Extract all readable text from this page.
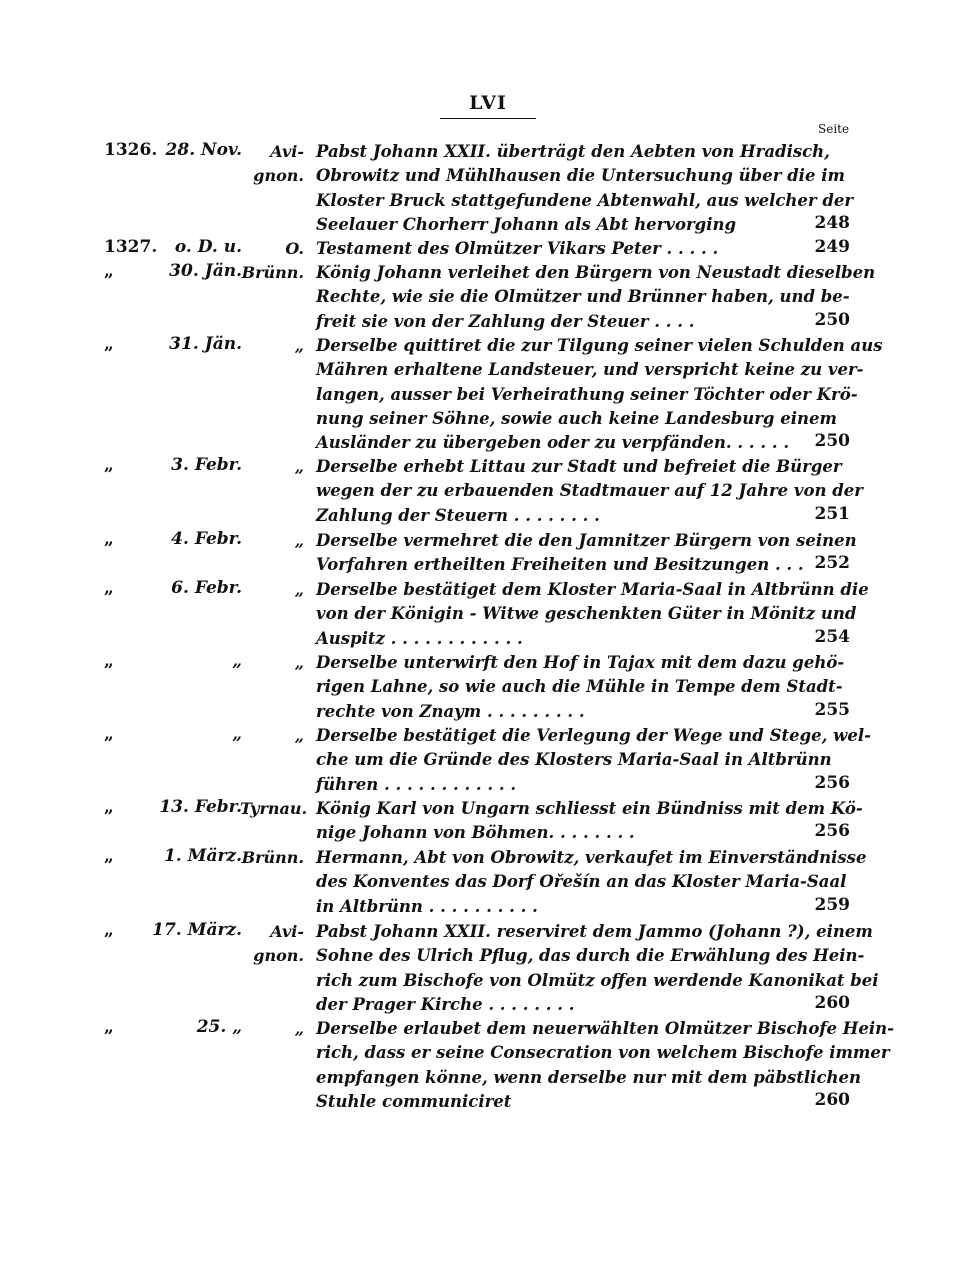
LVI
Seite
1326. 28. Nov.	Avi-
gnon.
Pabst Johann XXII. überträgt den Aebten von Hradisch,
Obrowitz und Mühlhausen die Untersuchung über die im
Kloster Bruck stattgefundene Abtenwahl, aus welcher der
Seelauer Chorherr Johann als Abt hervorging	248
1327.	o. D. u.	O. Testament des Olmützer Vikars Peter . . . . .	249
„	30. Jän. Brünn. König Johann verleihet den Bürgern von Neustadt dieselben
Rechte, wie sie die Olmützer und Brünner haben, und be-
freit sie von der Zahlung der Steuer . . . .	250
„	31. Jän.	„ Derselbe quittiret die zur Tilgung seiner vielen Schulden aus
Mähren erhaltene Landsteuer, und verspricht keine zu ver-
langen, ausser bei Verheirathung seiner Töchter oder Krö-
nung seiner Söhne, sowie auch keine Landesburg einem
Ausländer zu übergeben oder zu verpfänden. . . . . .	250
„	3. Febr.	„ Derselbe erhebt Littau zur Stadt und befreiet die Bürger
wegen der zu erbauenden Stadtmauer auf 12 Jahre von der
Zahlung der Steuern . . . . . . . .	251
„	4. Febr.	„ Derselbe vermehret die den Jamnitzer Bürgern von seinen
Vorfahren ertheilten Freiheiten und Besitzungen . . . 252
„	6. Febr.	„ Derselbe bestätiget dem Kloster Maria-Saal in Altbrünn die
von der Königin - Witwe geschenkten Güter in Mönitz und
Auspitz . . . . . . . . . . . .	254
„	„	„ Derselbe unterwirft den Hof in Tajax mit dem dazu gehö-
rigen Lahne, so wie auch die Mühle in Tempe dem Stadt-
rechte von Znaym . . . . . . . . .	255
„	„	„ Derselbe bestätiget die Verlegung der Wege und Stege, wel-
che um die Gründe des Klosters Maria-Saal in Altbrünn
führen . . . . . . . . . . . .	256
„	13. Febr.
Tyrnau. König Karl von Ungarn schliesst ein Bündniss mit dem Kö-
nige Johann von Böhmen. . . . . . . .	256
„	1. März. Brünn. Hermann, Abt von Obrowitz, verkaufet im Einverständnisse
des Konventes das Dorf Ořešín an das Kloster Maria-Saal
in Altbrünn . . . . . . . . . .	259
„	17. März.	Avi-
gnon.
Pabst Johann XXII. reserviret dem Jammo (Johann ?), einem
Sohne des Ulrich Pflug, das durch die Erwählung des Hein-
rich zum Bischofe von Olmütz offen werdende Kanonikat bei
der Prager Kirche . . . . . . . .	260
„	25. „	„ Derselbe erlaubet dem neuerwählten Olmützer Bischofe Hein-
rich, dass er seine Consecration von welchem Bischofe immer
empfangen könne, wenn derselbe nur mit dem päbstlichen
Stuhle communiciret	260
